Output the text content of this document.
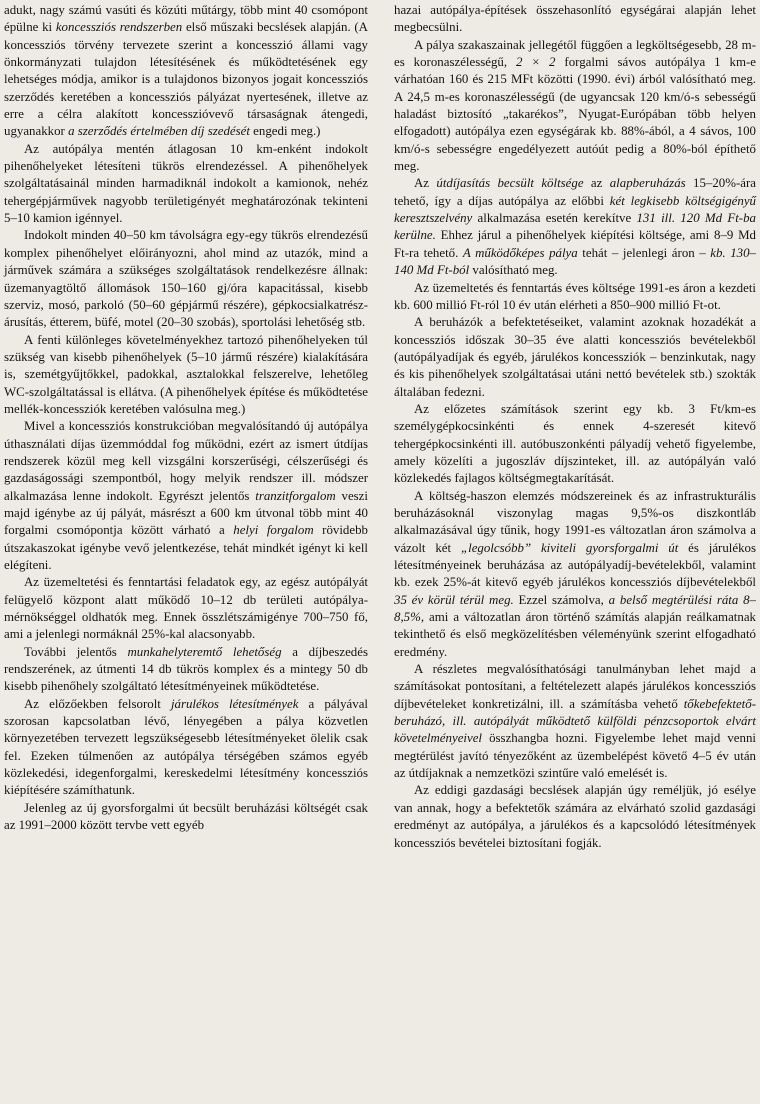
adukt, nagy számú vasúti és közúti műtárgy, több mint 40 csomópont épülne ki koncessziós rendszerben első műszaki becslések alapján. (A koncessziós törvény tervezete szerint a koncesszió állami vagy önkormányzati tulajdon létesítésének és működtetésének egy lehetséges módja, amikor is a tulajdonos bizonyos jogait koncessziós szerződés keretében a koncessziós pályázat nyertesének, illetve az erre a célra alakított koncesszióvevő társaságnak átengedi, ugyanakkor a szerződés értelmében díj szedését engedi meg.)

Az autópálya mentén átlagosan 10 km-enként indokolt pihenőhelyeket létesíteni tükrös elrendezéssel. A pihenőhelyek szolgáltatásainál minden harmadiknál indokolt a kamionok, nehéz tehergépjárművek nagyobb területigényét meghatározónak tekinteni 5–10 kamion igénnyel.

Indokolt minden 40–50 km távolságra egy-egy tükrös elrendezésű komplex pihenőhelyet előirányozni, ahol mind az utazók, mind a járművek számára a szükséges szolgáltatások rendelkezésre állnak: üzemanyagtöltő állomások 150–160 gj/óra kapacitással, kisebb szerviz, mosó, parkoló (50–60 gépjármű részére), gépkocsialkatrész-árusítás, étterem, büfé, motel (20–30 szobás), sportolási lehetőség stb.

A fenti különleges követelményekhez tartozó pihenőhelyeken túl szükség van kisebb pihenőhelyek (5–10 jármű részére) kialakítására is, szemétgyűjtőkkel, padokkal, asztalokkal felszerelve, lehetőleg WC-szolgáltatással is ellátva. (A pihenőhelyek építése és működtetése mellék-koncessziók keretében valósulna meg.)

Mivel a koncessziós konstrukcióban megvalósítandó új autópálya úthasználati díjas üzemmóddal fog működni, ezért az ismert útdíjas rendszerek közül meg kell vizsgálni korszerűségi, célszerűségi és gazdaságossági szempontból, hogy melyik rendszer ill. módszer alkalmazása lenne indokolt. Egyrészt jelentős tranzitforgalom veszi majd igénybe az új pályát, másrészt a 600 km útvonal több mint 40 forgalmi csomópontja között várható a helyi forgalom rövidebb útszakaszokat igénybe vevő jelentkezése, tehát mindkét igényt ki kell elégíteni.

Az üzemeltetési és fenntartási feladatok egy, az egész autópályát felügyelő központ alatt működő 10–12 db területi autópálya-mérnökséggel oldhatók meg. Ennek összlétszámigénye 700–750 fő, ami a jelenlegi normáknál 25%-kal alacsonyabb.

További jelentős munkahelyteremtő lehetőség a díjbeszedés rendszerének, az útmenti 14 db tükrös komplex és a mintegy 50 db kisebb pihenőhely szolgáltató létesítményeinek működtetése.

Az előzőekben felsorolt járulékos létesítmények a pályával szorosan kapcsolatban lévő, lényegében a pálya közvetlen környezetében tervezett legszükségesebb létesítményeket ölelik csak fel. Ezeken túlmenően az autópálya térségében számos egyéb közlekedési, idegenforgalmi, kereskedelmi létesítmény koncessziós kiépítésére számíthatunk.

Jelenleg az új gyorsforgalmi út becsült beruházási költségét csak az 1991–2000 között tervbe vett egyéb

hazai autópálya-építések összehasonlító egységárai alapján lehet megbecsülni.

A pálya szakaszainak jellegétől függően a legköltségesebb, 28 m-es koronaszélességű, 2 × 2 forgalmi sávos autópálya 1 km-e várhatóan 160 és 215 MFt közötti (1990. évi) árból valósítható meg. A 24,5 m-es koronaszélességű (de ugyancsak 120 km/ó-s sebességű haladást biztosító „takarékos”, Nyugat-Európában több helyen elfogadott) autópálya ezen egységárak kb. 88%-ából, a 4 sávos, 100 km/ó-s sebességre engedélyezett autóút pedig a 80%-ból építhető meg.

Az útdíjasítás becsült költsége az alapberuházás 15–20%-ára tehető, így a díjas autópálya az előbbi két legkisebb költségigényű keresztszelvény alkalmazása esetén kerekítve 131 ill. 120 Md Ft-ba kerülne. Ehhez járul a pihenőhelyek kiépítési költsége, ami 8–9 Md Ft-ra tehető. A működőképes pálya tehát – jelenlegi áron – kb. 130–140 Md Ft-ból valósítható meg.

Az üzemeltetés és fenntartás éves költsége 1991-es áron a kezdeti kb. 600 millió Ft-ról 10 év után elérheti a 850–900 millió Ft-ot.

A beruházók a befektetéseiket, valamint azoknak hozadékát a koncessziós időszak 30–35 éve alatti koncessziós bevételekből (autópályadíjak és egyéb, járulékos koncessziók – benzinkutak, nagy és kis pihenőhelyek szolgáltatásai utáni nettó bevételek stb.) szokták általában fedezni.

Az előzetes számítások szerint egy kb. 3 Ft/km-es személygépkocsinkénti és ennek 4-szeresét kitevő tehergépkocsinkénti ill. autóbuszonkénti pályadíj vehető figyelembe, amely közelíti a jugoszláv díjszinteket, ill. az autópályán való közlekedés fajlagos költségmegtakarítását.

A költség-haszon elemzés módszereinek és az infrastrukturális beruházásoknál viszonylag magas 9,5%-os diszkontláb alkalmazásával úgy tűnik, hogy 1991-es változatlan áron számolva a vázolt két „legolcsóbb” kiviteli gyorsforgalmi út és járulékos létesítményeinek beruházása az autópályadíj-bevételekből, valamint kb. ezek 25%-át kitevő egyéb járulékos koncessziós díjbevételekből 35 év körül térül meg. Ezzel számolva, a belső megtérülési ráta 8–8,5%, ami a változatlan áron történő számítás alapján reálkamatnak tekinthető és első megközelítésben véleményünk szerint elfogadható eredmény.

A részletes megvalósíthatósági tanulmányban lehet majd a számításokat pontosítani, a feltételezett alapés járulékos koncessziós díjbevételeket konkretizálni, ill. a számításba vehető tőkebefektető-beruházó, ill. autópályát működtető külföldi pénzcsoportok elvárt követelményeivel összhangba hozni. Figyelembe lehet majd venni megtérülést javító tényezőként az üzembelépést követő 4–5 év után az útdíjaknak a nemzetközi szintűre való emelését is.

Az eddigi gazdasági becslések alapján úgy reméljük, jó esélye van annak, hogy a befektetők számára az elvárható szolid gazdasági eredményt az autópálya, a járulékos és a kapcsolódó létesítmények koncessziós bevételei biztosítani fogják.
